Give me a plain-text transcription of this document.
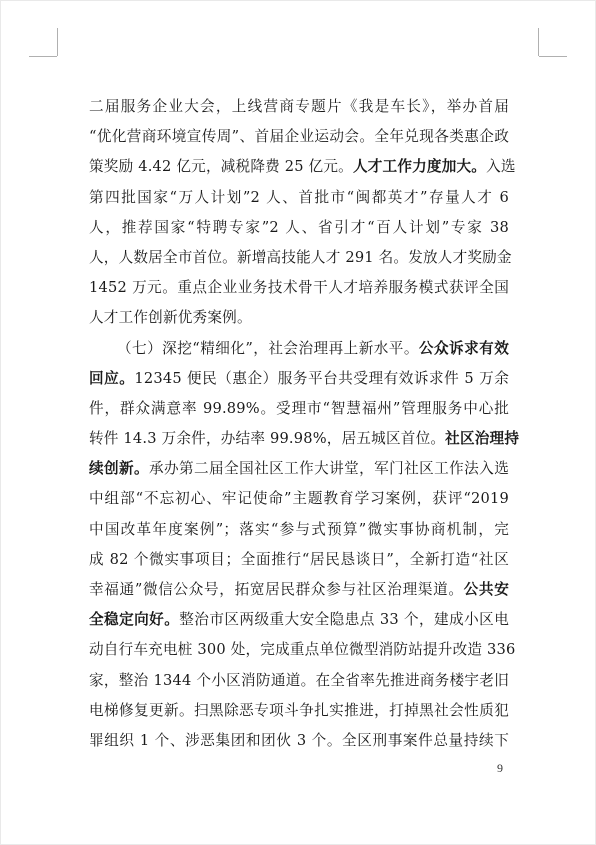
二届服务企业大会，上线营商专题片《我是车长》，举办首届
“优化营商环境宣传周”、首届企业运动会。全年兑现各类惠企政
策奖励 4.42 亿元，减税降费 25 亿元。人才工作力度加大。入选
第四批国家“万人计划”2 人、首批市“闽都英才”存量人才 6
人，推荐国家“特聘专家”2 人、省引才“百人计划”专家 38
人，人数居全市首位。新增高技能人才 291 名。发放人才奖励金
1452 万元。重点企业业务技术骨干人才培养服务模式获评全国
人才工作创新优秀案例。
（七）深挖“精细化”，社会治理再上新水平。公众诉求有效
回应。12345 便民（惠企）服务平台共受理有效诉求件 5 万余
件，群众满意率 99.89%。受理市“智慧福州”管理服务中心批
转件 14.3 万余件，办结率 99.98%，居五城区首位。社区治理持
续创新。承办第二届全国社区工作大讲堂，军门社区工作法入选
中组部“不忘初心、牢记使命”主题教育学习案例，获评“2019
中国改革年度案例”；落实“参与式预算”微实事协商机制，完
成 82 个微实事项目；全面推行“居民恳谈日”，全新打造“社区
幸福通”微信公众号，拓宽居民群众参与社区治理渠道。公共安
全稳定向好。整治市区两级重大安全隐患点 33 个，建成小区电
动自行车充电桩 300 处，完成重点单位微型消防站提升改造 336
家，整治 1344 个小区消防通道。在全省率先推进商务楼宇老旧
电梯修复更新。扫黑除恶专项斗争扎实推进，打掉黑社会性质犯
罪组织 1 个、涉恶集团和团伙 3 个。全区刑事案件总量持续下
9
